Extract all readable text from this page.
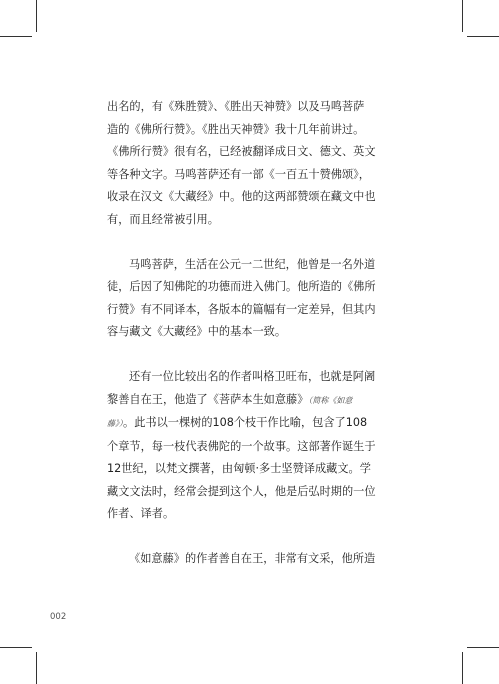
出名的，有《殊胜赞》、《胜出天神赞》以及马鸣菩萨
造的《佛所行赞》。《胜出天神赞》我十几年前讲过。
《佛所行赞》很有名，已经被翻译成日文、德文、英文
等各种文字。马鸣菩萨还有一部《一百五十赞佛颂》，
收录在汉文《大藏经》中。他的这两部赞颂在藏文中也
有，而且经常被引用。

马鸣菩萨，生活在公元一二世纪，他曾是一名外道
徒，后因了知佛陀的功德而进入佛门。他所造的《佛所
行赞》有不同译本，各版本的篇幅有一定差异，但其内
容与藏文《大藏经》中的基本一致。

还有一位比较出名的作者叫格卫旺布，也就是阿阇
黎善自在王，他造了《菩萨本生如意藤》（简称《如意
藤》）。此书以一棵树的108个枝干作比喻，包含了108
个章节，每一枝代表佛陀的一个故事。这部著作诞生于
12世纪，以梵文撰著，由匈顿·多士坚赞译成藏文。学
藏文文法时，经常会提到这个人，他是后弘时期的一位
作者、译者。

《如意藤》的作者善自在王，非常有文采，他所造

002
